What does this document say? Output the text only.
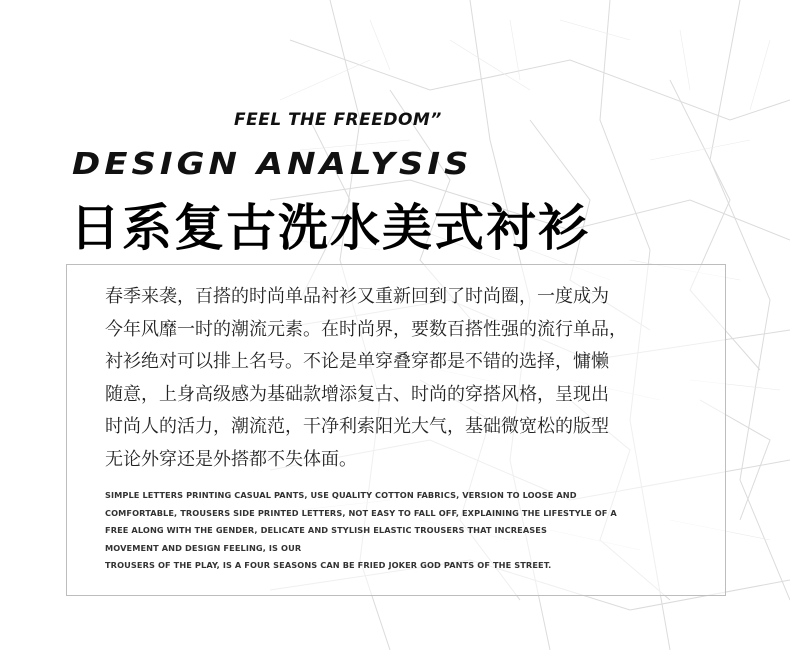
FEEL THE FREEDOM”
DESIGN ANALYSIS
日系复古洗水美式衬衫

春季来袭，百搭的时尚单品衬衫又重新回到了时尚圈，一度成为
今年风靡一时的潮流元素。在时尚界，要数百搭性强的流行单品，
衬衫绝对可以排上名号。不论是单穿叠穿都是不错的选择，慵懒
随意，上身高级感为基础款增添复古、时尚的穿搭风格，呈现出
时尚人的活力，潮流范，干净利索阳光大气，基础微宽松的版型
无论外穿还是外搭都不失体面。

SIMPLE LETTERS PRINTING CASUAL PANTS, USE QUALITY COTTON FABRICS, VERSION TO LOOSE AND
COMFORTABLE, TROUSERS SIDE PRINTED LETTERS, NOT EASY TO FALL OFF, EXPLAINING THE LIFESTYLE OF A
FREE ALONG WITH THE GENDER, DELICATE AND STYLISH ELASTIC TROUSERS THAT INCREASES
MOVEMENT AND DESIGN FEELING, IS OUR
TROUSERS OF THE PLAY, IS A FOUR SEASONS CAN BE FRIED JOKER GOD PANTS OF THE STREET.
